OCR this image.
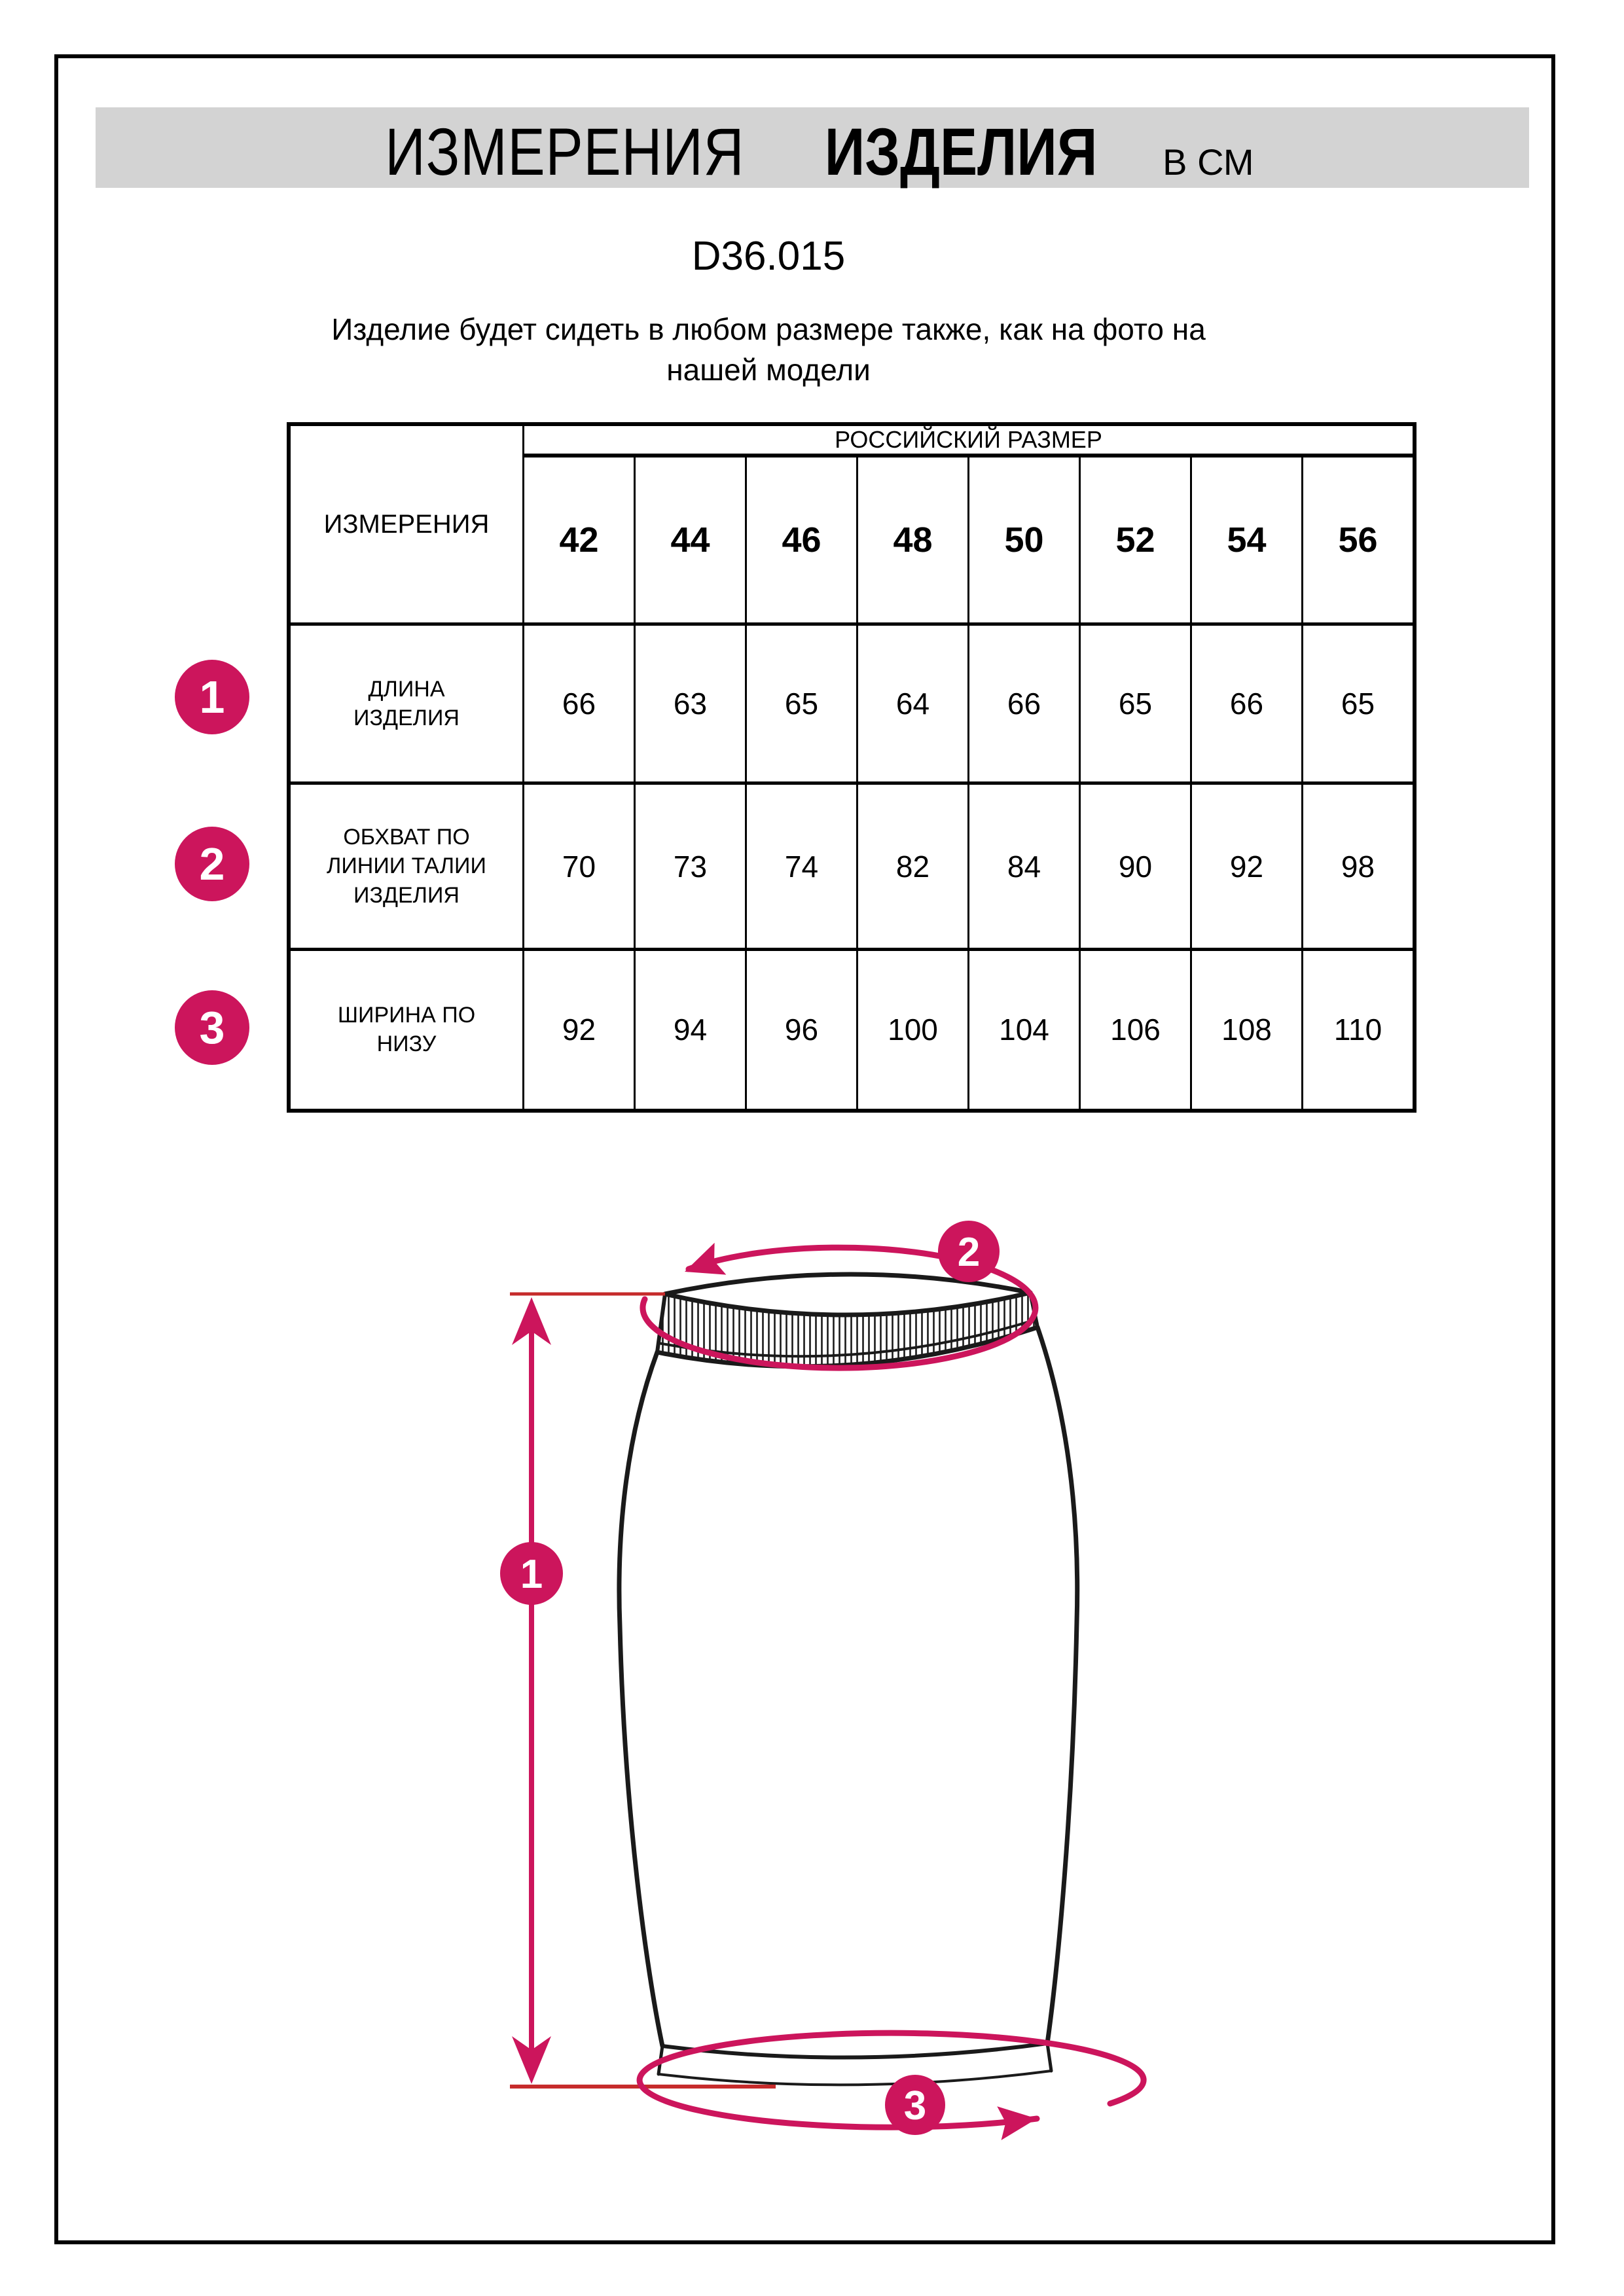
ИЗМЕРЕНИЯ ИЗДЕЛИЯ В СМ
D36.015
Изделие будет сидеть в любом размере также, как на фото на
нашей модели
ИЗМЕРЕНИЯ	РОССИЙСКИЙ РАЗМЕР							
	42	44	46	48	50	52	54	56

ДЛИНА
ИЗДЕЛИЯ	66	63	65	64	66	65	66	65

ОБХВАТ ПО
ЛИНИИ ТАЛИИ
ИЗДЕЛИЯ	70	73	74	82	84	90	92	98

ШИРИНА ПО
НИЗУ	92	94	96	100	104	106	108	110
1
2
3
1
2
3
